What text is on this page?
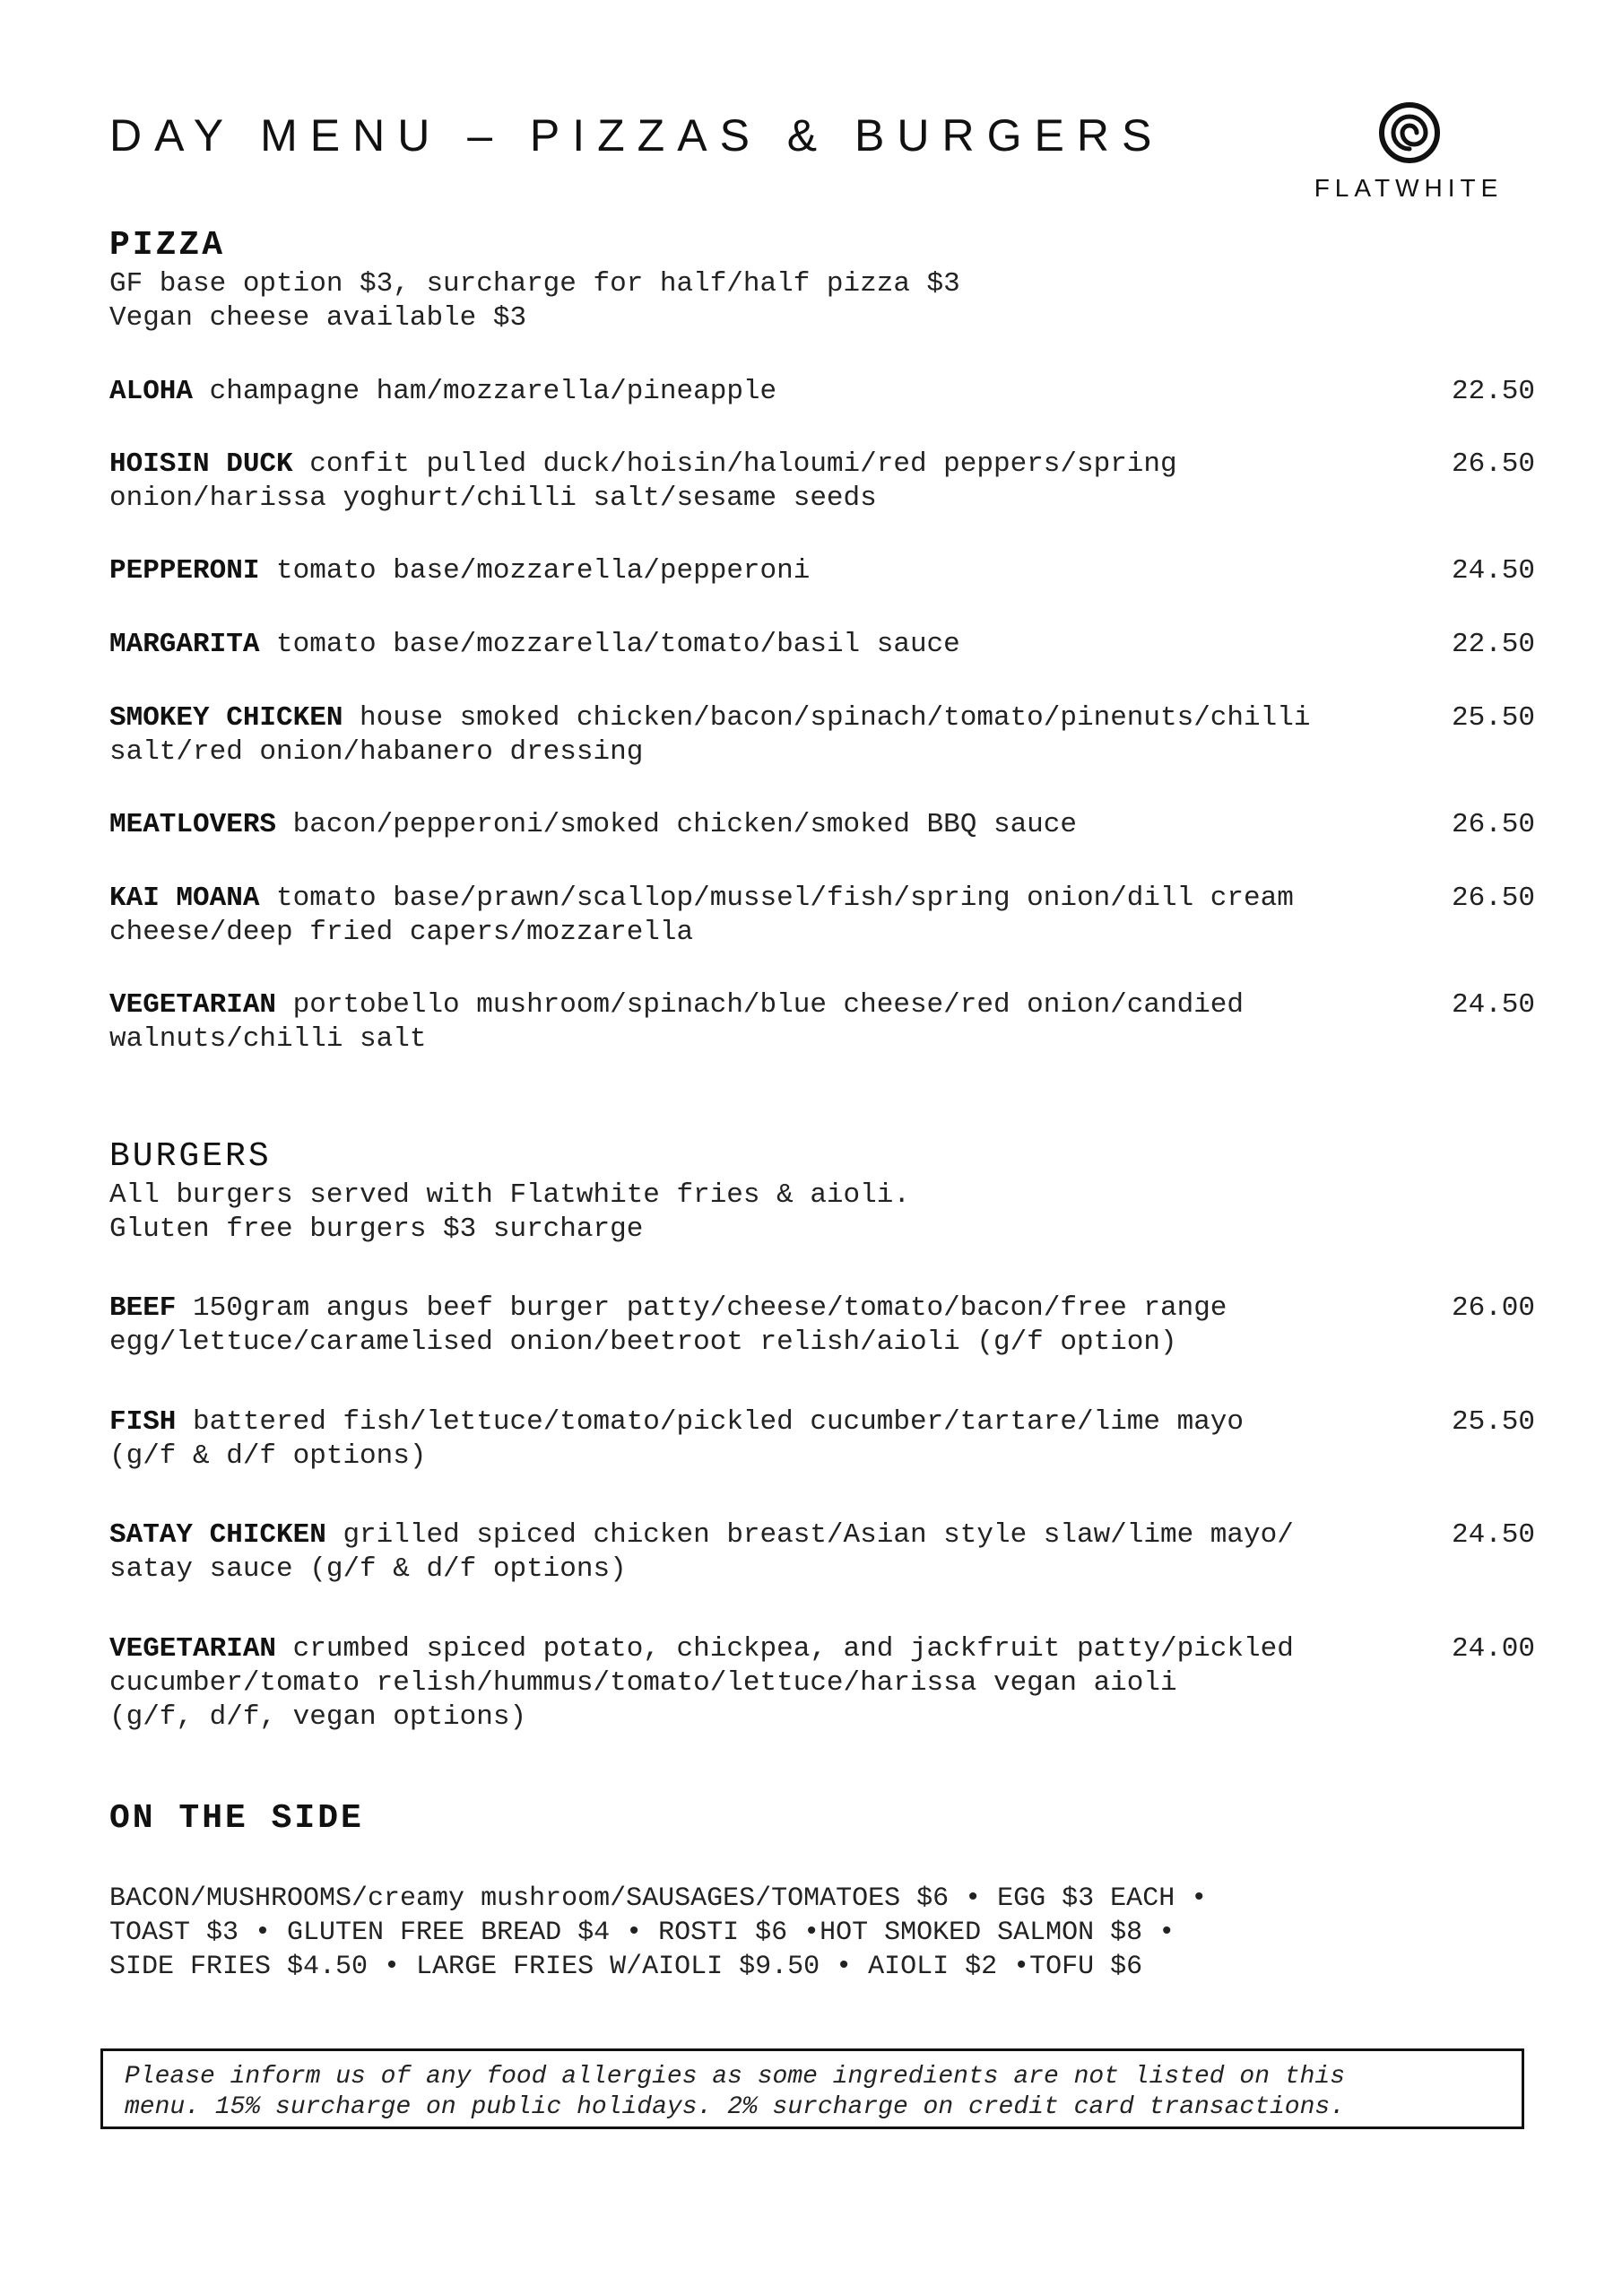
DAY MENU – PIZZAS & BURGERS
FLATWHITE
PIZZA
GF base option $3, surcharge for half/half pizza $3
Vegan cheese available $3
ALOHA champagne ham/mozzarella/pineapple	22.50
HOISIN DUCK confit pulled duck/hoisin/haloumi/red peppers/spring
onion/harissa yoghurt/chilli salt/sesame seeds
26.50
PEPPERONI tomato base/mozzarella/pepperoni	24.50
MARGARITA tomato base/mozzarella/tomato/basil sauce	22.50
SMOKEY CHICKEN house smoked chicken/bacon/spinach/tomato/pinenuts/chilli
salt/red onion/habanero dressing
25.50
MEATLOVERS bacon/pepperoni/smoked chicken/smoked BBQ sauce	26.50
KAI MOANA tomato base/prawn/scallop/mussel/fish/spring onion/dill cream
cheese/deep fried capers/mozzarella
26.50
VEGETARIAN portobello mushroom/spinach/blue cheese/red onion/candied
walnuts/chilli salt
24.50
BURGERS
All burgers served with Flatwhite fries & aioli.
Gluten free burgers $3 surcharge
BEEF 150gram angus beef burger patty/cheese/tomato/bacon/free range
egg/lettuce/caramelised onion/beetroot relish/aioli (g/f option)
26.00
FISH battered fish/lettuce/tomato/pickled cucumber/tartare/lime mayo
(g/f & d/f options)
25.50
SATAY CHICKEN grilled spiced chicken breast/Asian style slaw/lime mayo/
satay sauce (g/f & d/f options)
24.50
VEGETARIAN crumbed spiced potato, chickpea, and jackfruit patty/pickled
cucumber/tomato relish/hummus/tomato/lettuce/harissa vegan aioli
(g/f, d/f, vegan options)
24.00
ON THE SIDE
BACON/MUSHROOMS/creamy mushroom/SAUSAGES/TOMATOES $6 • EGG $3 EACH •
TOAST $3 • GLUTEN FREE BREAD $4 • ROSTI $6 •HOT SMOKED SALMON $8 •
SIDE FRIES $4.50 • LARGE FRIES W/AIOLI $9.50 • AIOLI $2 •TOFU $6
Please inform us of any food allergies as some ingredients are not listed on this
menu. 15% surcharge on public holidays. 2% surcharge on credit card transactions.
